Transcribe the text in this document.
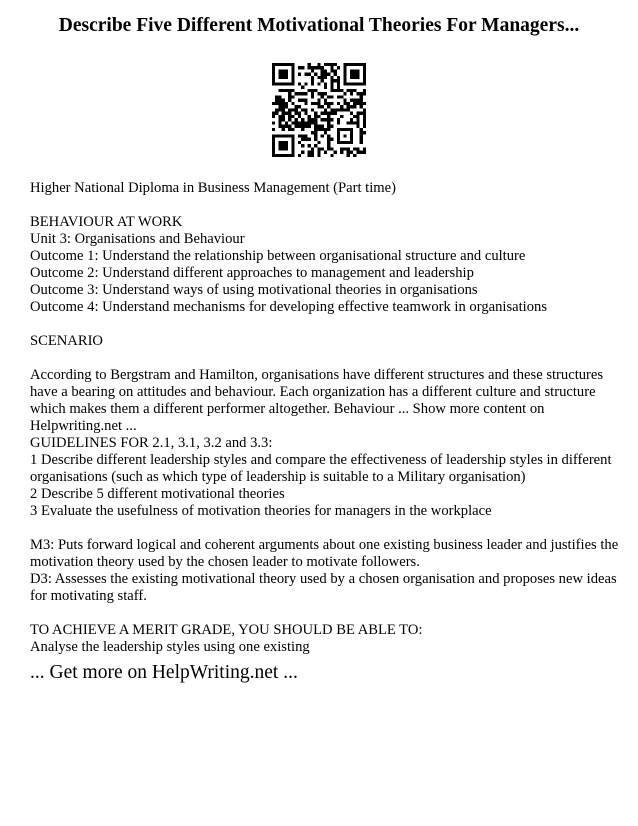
Describe Five Different Motivational Theories For Managers...
Higher National Diploma in Business Management (Part time)
BEHAVIOUR AT WORK
Unit 3: Organisations and Behaviour
Outcome 1: Understand the relationship between organisational structure and culture
Outcome 2: Understand different approaches to management and leadership
Outcome 3: Understand ways of using motivational theories in organisations
Outcome 4: Understand mechanisms for developing effective teamwork in organisations
SCENARIO
According to Bergstram and Hamilton, organisations have different structures and these structures
have a bearing on attitudes and behaviour. Each organization has a different culture and structure
which makes them a different performer altogether. Behaviour ... Show more content on
Helpwriting.net ...
GUIDELINES FOR 2.1, 3.1, 3.2 and 3.3:
1 Describe different leadership styles and compare the effectiveness of leadership styles in different
organisations (such as which type of leadership is suitable to a Military organisation)
2 Describe 5 different motivational theories
3 Evaluate the usefulness of motivation theories for managers in the workplace
M3: Puts forward logical and coherent arguments about one existing business leader and justifies the
motivation theory used by the chosen leader to motivate followers.
D3: Assesses the existing motivational theory used by a chosen organisation and proposes new ideas
for motivating staff.
TO ACHIEVE A MERIT GRADE, YOU SHOULD BE ABLE TO:
Analyse the leadership styles using one existing
... Get more on HelpWriting.net ...
